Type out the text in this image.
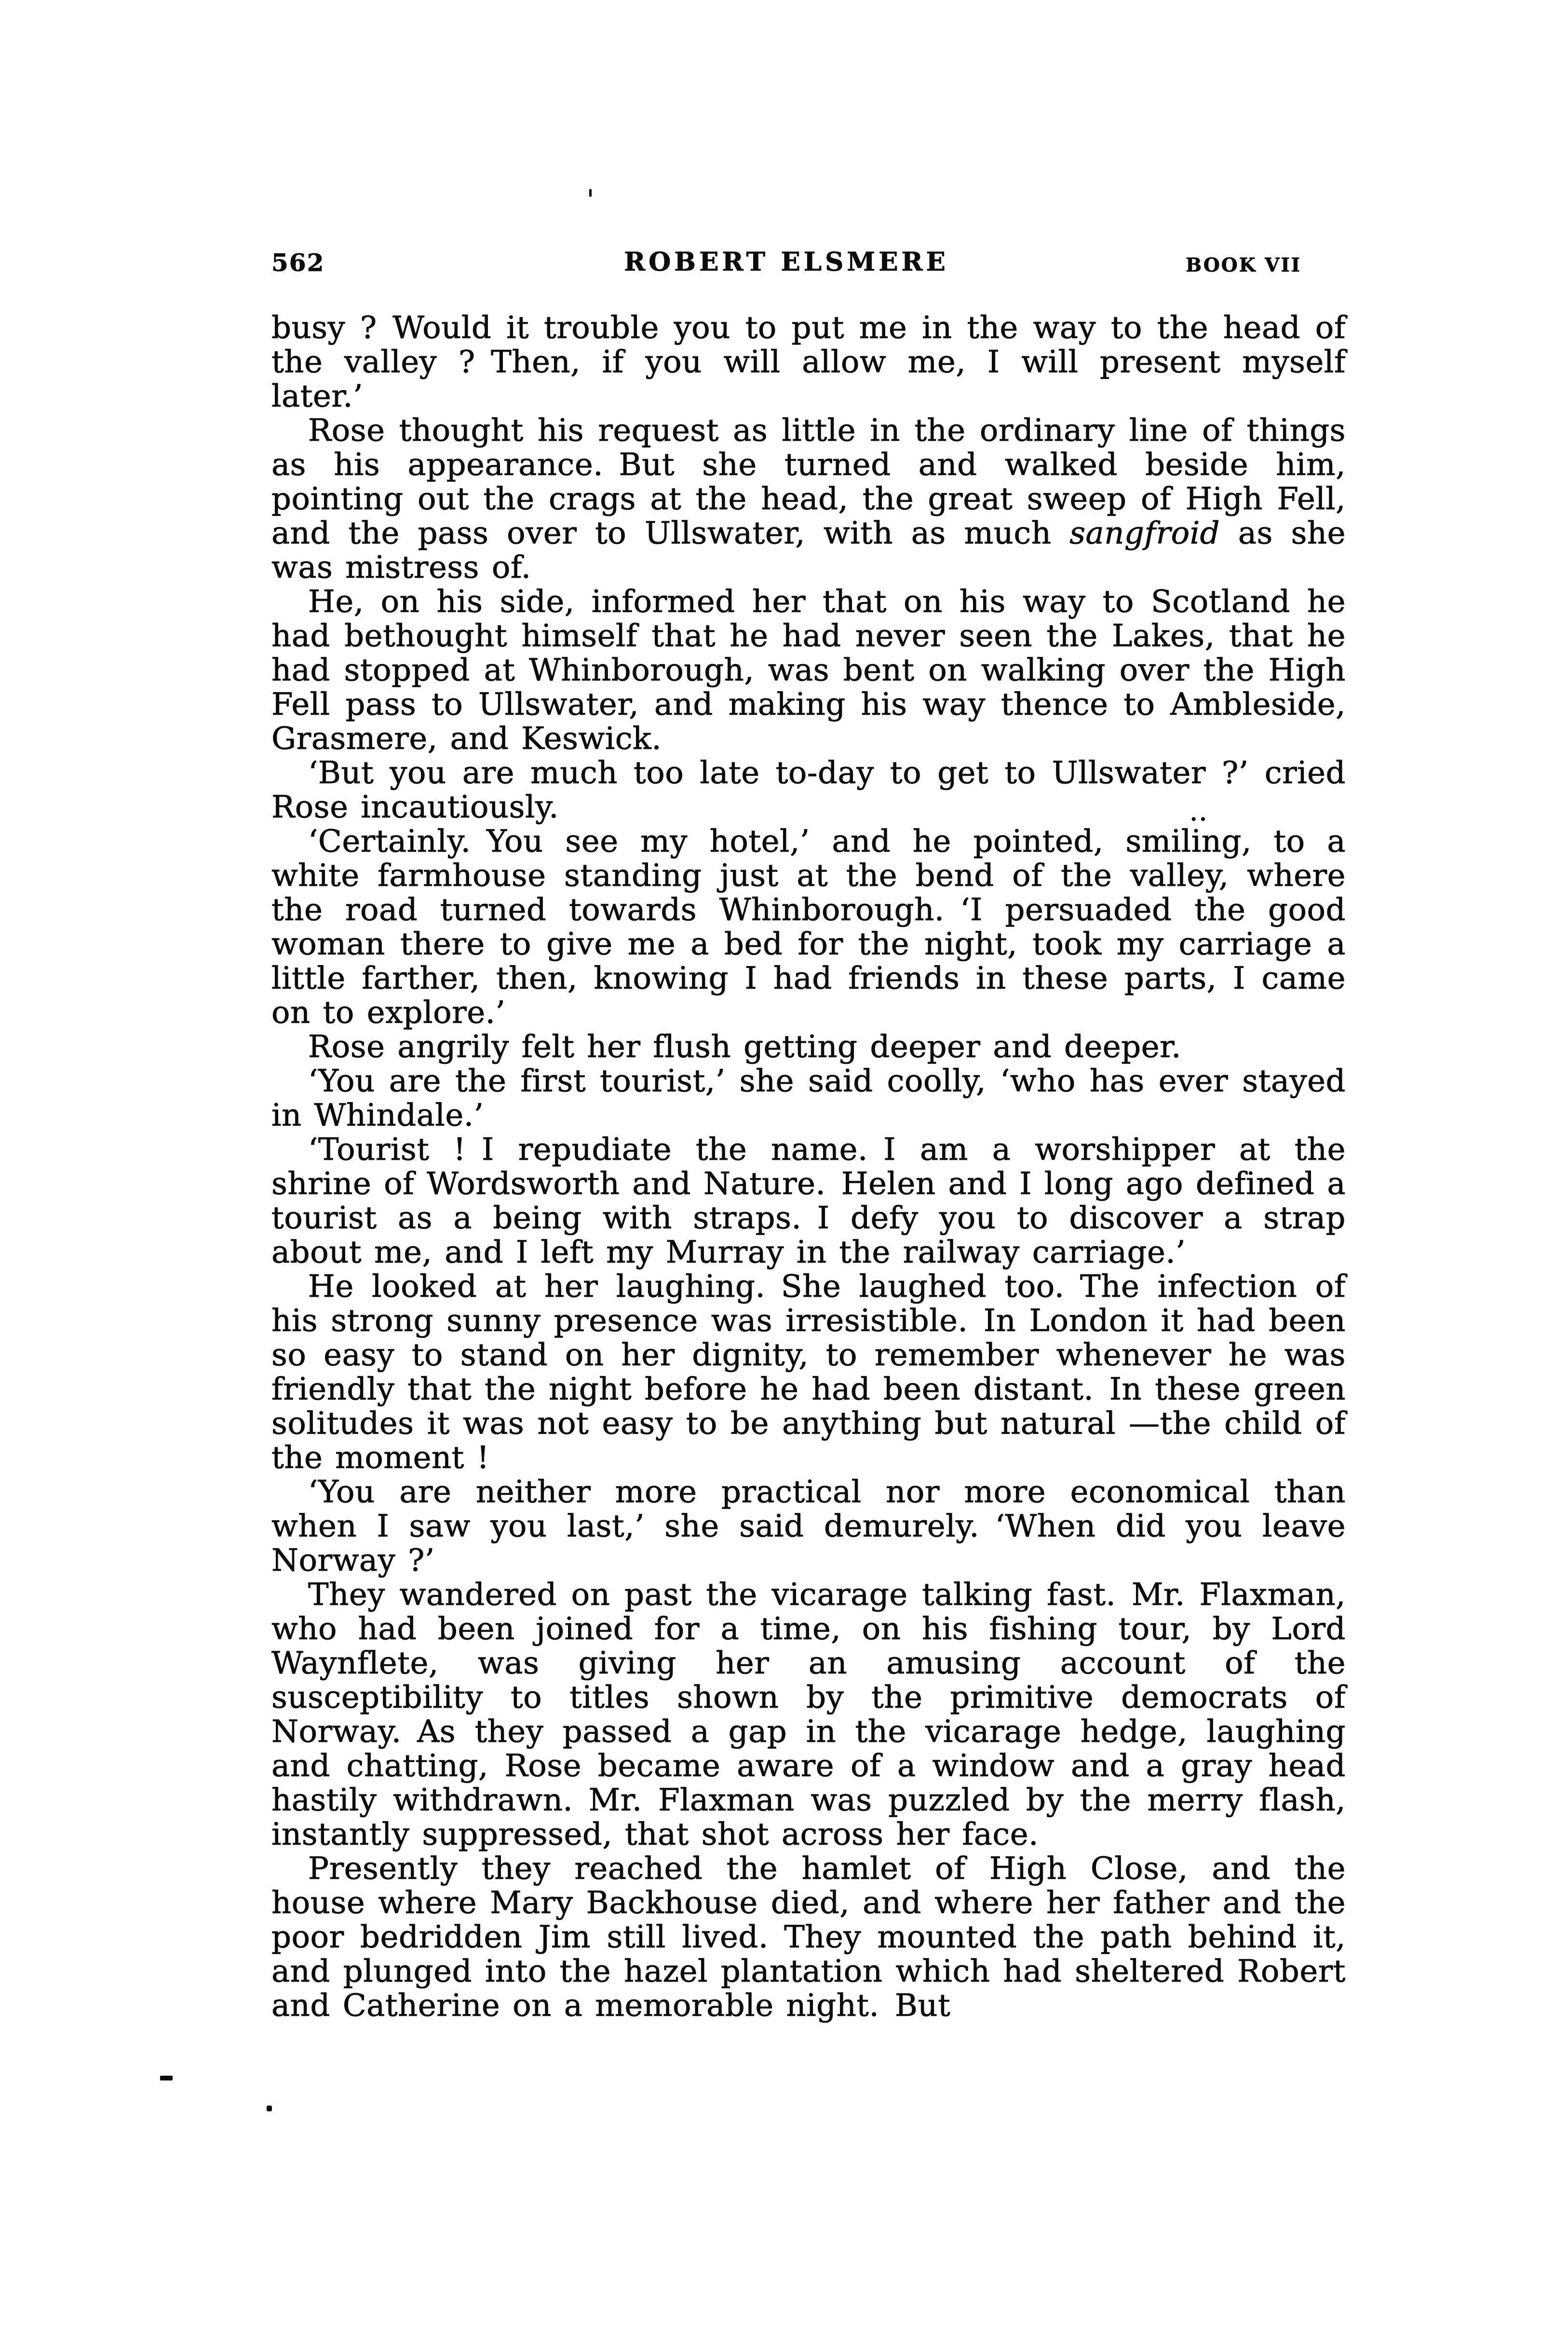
562	ROBERT ELSMERE	BOOK VII

busy ? Would it trouble you to put me in the way to the head of the valley ? Then, if you will allow me, I will present myself later.’

Rose thought his request as little in the ordinary line of things as his appearance. But she turned and walked beside him, pointing out the crags at the head, the great sweep of High Fell, and the pass over to Ullswater, with as much sangfroid as she was mistress of.

He, on his side, informed her that on his way to Scotland he had bethought himself that he had never seen the Lakes, that he had stopped at Whinborough, was bent on walking over the High Fell pass to Ullswater, and making his way thence to Ambleside, Grasmere, and Keswick.

‘But you are much too late to-day to get to Ullswater ?’ cried Rose incautiously.

‘Certainly. You see my hotel,’ and he pointed, smiling, to a white farmhouse standing just at the bend of the valley, where the road turned towards Whinborough. ‘I persuaded the good woman there to give me a bed for the night, took my carriage a little farther, then, knowing I had friends in these parts, I came on to explore.’

Rose angrily felt her flush getting deeper and deeper.

‘You are the first tourist,’ she said coolly, ‘who has ever stayed in Whindale.’

‘Tourist ! I repudiate the name. I am a worshipper at the shrine of Wordsworth and Nature. Helen and I long ago defined a tourist as a being with straps. I defy you to discover a strap about me, and I left my Murray in the railway carriage.’

He looked at her laughing. She laughed too. The infection of his strong sunny presence was irresistible. In London it had been so easy to stand on her dignity, to remember whenever he was friendly that the night before he had been distant. In these green solitudes it was not easy to be anything but natural —the child of the moment !

‘You are neither more practical nor more economical than when I saw you last,’ she said demurely. ‘When did you leave Norway ?’

They wandered on past the vicarage talking fast. Mr. Flaxman, who had been joined for a time, on his fishing tour, by Lord Waynflete, was giving her an amusing account of the susceptibility to titles shown by the primitive democrats of Norway. As they passed a gap in the vicarage hedge, laughing and chatting, Rose became aware of a window and a gray head hastily withdrawn. Mr. Flaxman was puzzled by the merry flash, instantly suppressed, that shot across her face.

Presently they reached the hamlet of High Close, and the house where Mary Backhouse died, and where her father and the poor bedridden Jim still lived. They mounted the path behind it, and plunged into the hazel plantation which had sheltered Robert and Catherine on a memorable night. But

..
